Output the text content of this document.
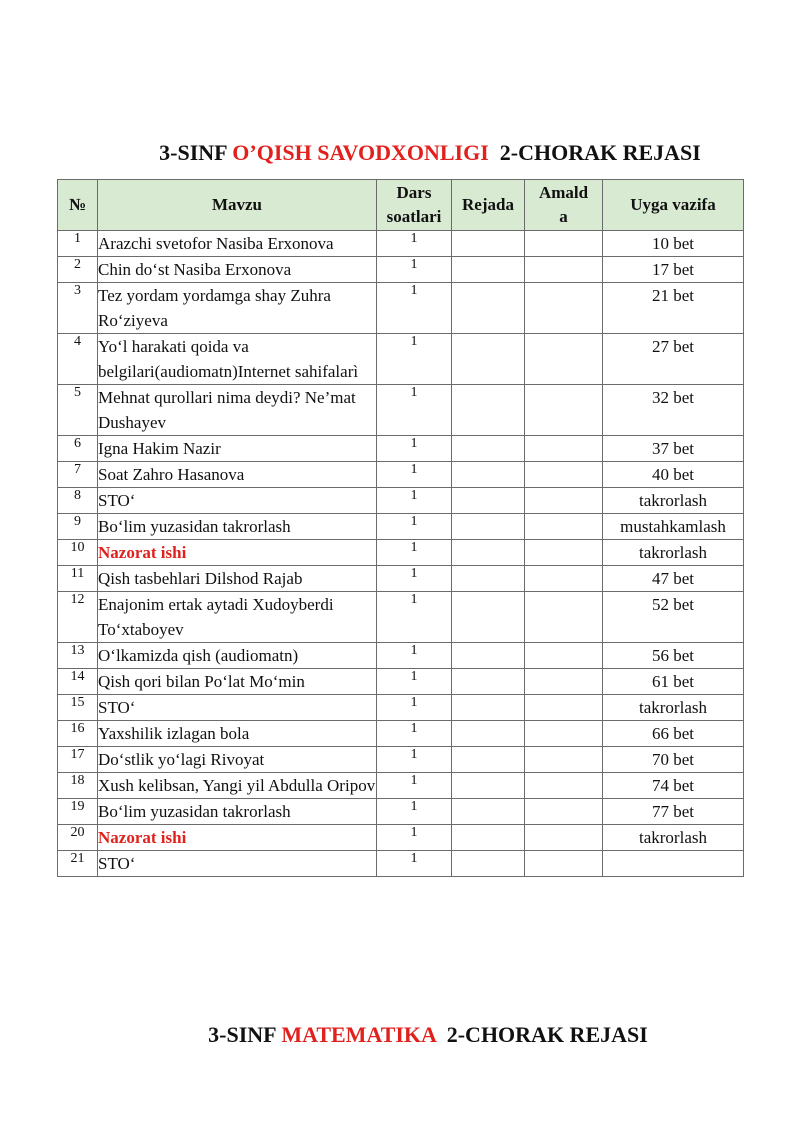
3-SINF O’QISH SAVODXONLIGI  2-CHORAK REJASI
№	Mavzu	Dars soatlari	Rejada	Amalda	Uyga vazifa
1	Arazchi svetofor Nasiba Erxonova	1			10 bet
2	Chin do‘st Nasiba Erxonova	1			17 bet
3	Tez yordam yordamga shay Zuhra Ro‘ziyeva	1			21 bet
4	Yo‘l harakati qoida va belgilari(audiomatn)Internet sahifalarì	1			27 bet
5	Mehnat qurollari nima deydi? Ne’mat Dushayev	1			32 bet
6	Igna Hakim Nazir	1			37 bet
7	Soat Zahro Hasanova	1			40 bet
8	STO‘	1			takrorlash
9	Bo‘lim yuzasidan takrorlash	1			mustahkamlash
10	Nazorat ishi	1			takrorlash
11	Qish tasbehlari Dilshod Rajab	1			47 bet
12	Enajonim ertak aytadi Xudoyberdi To‘xtaboyev	1			52 bet
13	O‘lkamizda qish (audiomatn)	1			56 bet
14	Qish qori bilan Po‘lat Mo‘min	1			61 bet
15	STO‘	1			takrorlash
16	Yaxshilik izlagan bola	1			66 bet
17	Do‘stlik yo‘lagi Rivoyat	1			70 bet
18	Xush kelibsan, Yangi yil Abdulla Oripov	1			74 bet
19	Bo‘lim yuzasidan takrorlash	1			77 bet
20	Nazorat ishi	1			takrorlash
21	STO‘	1			
3-SINF MATEMATIKA  2-CHORAK REJASI
